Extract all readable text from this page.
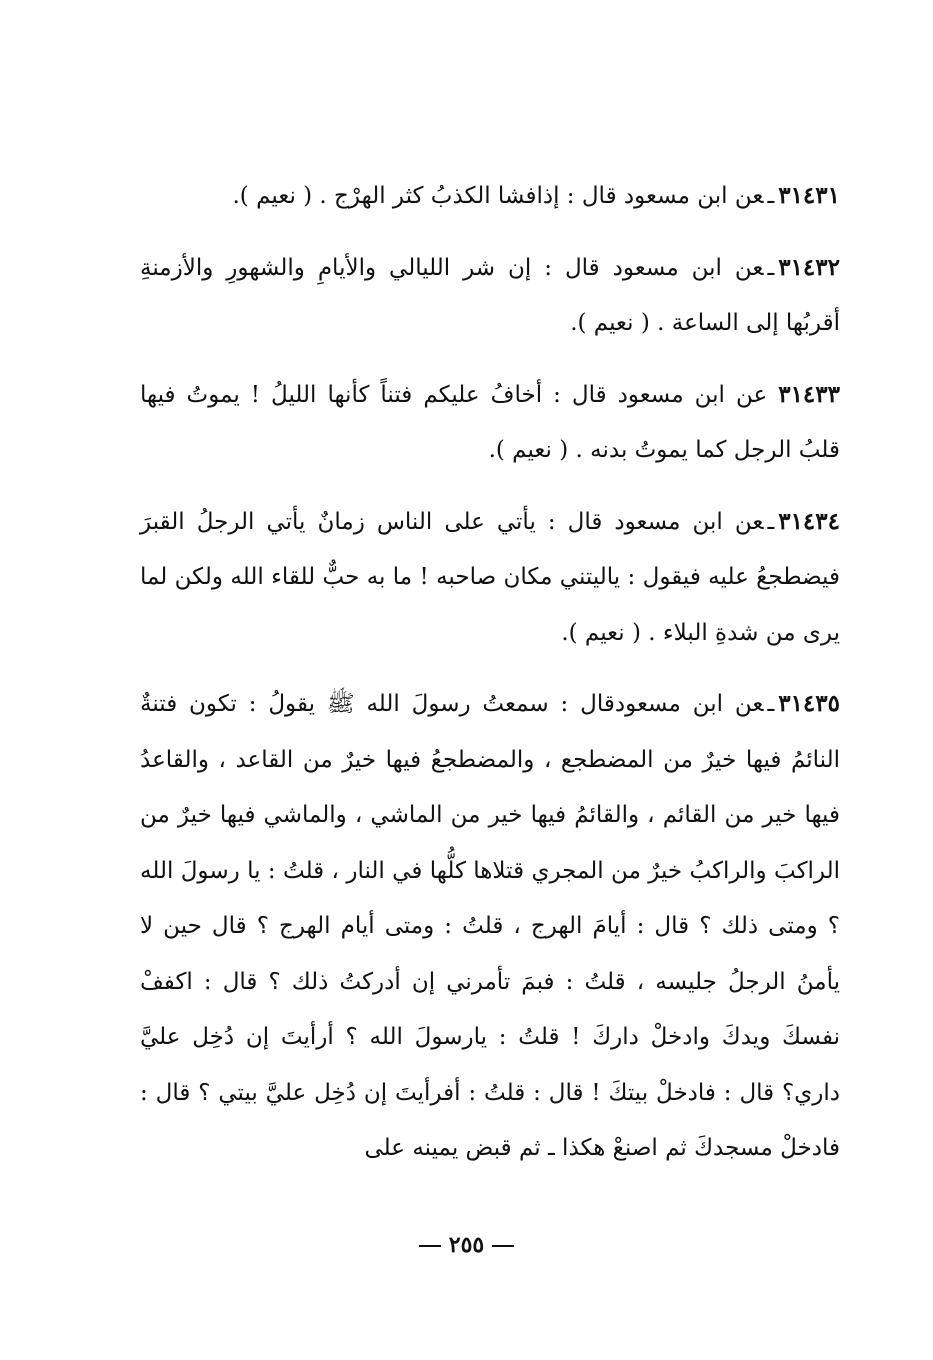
٣١٤٣١ـعن ابن مسعود قال : إذافشا الكذبُ كثر الهرْج . ( نعيم ).

٣١٤٣٢ـعن ابن مسعود قال : إن شر الليالي والأيامِ والشهورِ والأزمنةِ أقربُها إلى الساعة . ( نعيم ).

٣١٤٣٣ عن ابن مسعود قال : أخافُ عليكم فتناً كأنها الليلُ ! يموتُ فيها قلبُ الرجل كما يموتُ بدنه . ( نعيم ).

٣١٤٣٤ـعن ابن مسعود قال : يأتي على الناس زمانٌ يأتي الرجلُ القبرَ فيضطجعُ عليه فيقول : ياليتني مكان صاحبه ! ما به حبٌّ للقاء الله ولكن لما يرى من شدةِ البلاء . ( نعيم ).

٣١٤٣٥ـعن ابن مسعودقال : سمعتُ رسولَ الله ﷺ يقولُ : تكون فتنةٌ النائمُ فيها خيرٌ من المضطجع ، والمضطجعُ فيها خيرٌ من القاعد ، والقاعدُ فيها خير من القائم ، والقائمُ فيها خير من الماشي ، والماشي فيها خيرٌ من الراكبَ والراكبُ خيرٌ من المجري قتلاها كلُّها في النار ، قلتُ : يا رسولَ الله ؟ ومتى ذلك ؟ قال : أيامَ الهرج ، قلتُ : ومتى أيام الهرج ؟ قال حين لا يأمنُ الرجلُ جليسه ، قلتُ : فبمَ تأمرني إن أدركتُ ذلك ؟ قال : اكففْ نفسكَ ويدكَ وادخلْ داركَ ! قلتُ : يارسولَ الله ؟ أرأيتَ إن دُخِل عليَّ داري؟ قال : فادخلْ بيتكَ ! قال : قلتُ : أفرأيتَ إن دُخِل عليَّ بيتي ؟ قال : فادخلْ مسجدكَ ثم اصنعْ هكذا ـ ثم قبض يمينه على

٢٥٥
